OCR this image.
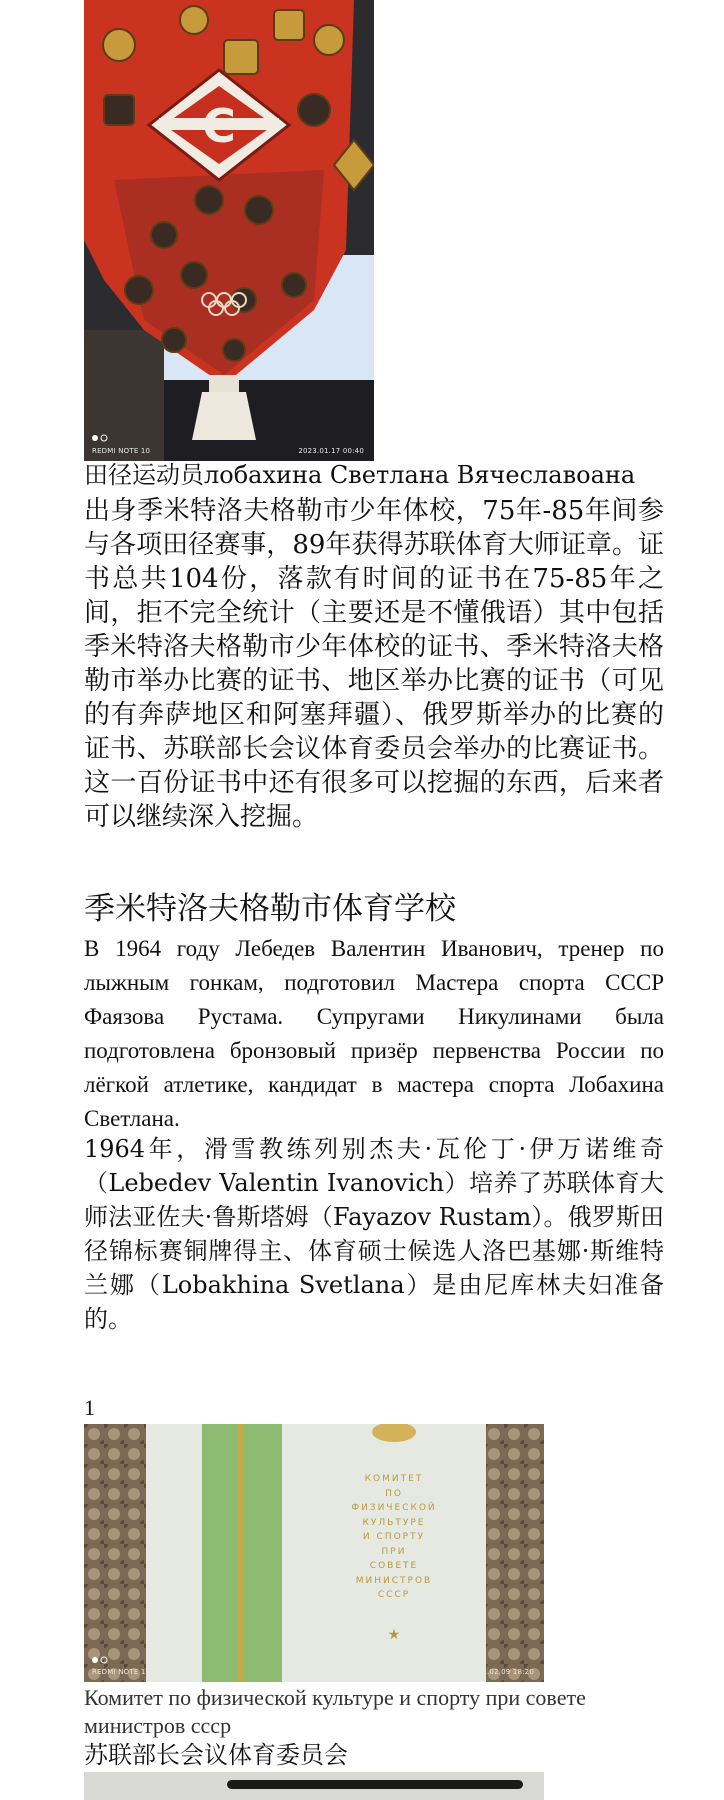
С
REDMI NOTE 10	2023.01.17 00:40
田径运动员лобахина Светлана Вячеславоана

出身季米特洛夫格勒市少年体校，75年-85年间参与各项田径赛事，89年获得苏联体育大师证章。证书总共104份，落款有时间的证书在75-85年之间，拒不完全统计（主要还是不懂俄语）其中包括季米特洛夫格勒市少年体校的证书、季米特洛夫格勒市举办比赛的证书、地区举办比赛的证书（可见的有奔萨地区和阿塞拜疆）、俄罗斯举办的比赛的证书、苏联部长会议体育委员会举办的比赛证书。这一百份证书中还有很多可以挖掘的东西，后来者可以继续深入挖掘。

季米特洛夫格勒市体育学校

В 1964 году Лебедев Валентин Иванович, тренер по лыжным гонкам, подготовил Мастера спорта СССР Фаязова Рустама. Супругами Никулинами была подготовлена бронзовый призёр первенства России по лёгкой атлетике, кандидат в мастера спорта Лобахина Светлана.

1964年，滑雪教练列别杰夫·瓦伦丁·伊万诺维奇（Lebedev Valentin Ivanovich）培养了苏联体育大师法亚佐夫·鲁斯塔姆（Fayazov Rustam）。俄罗斯田径锦标赛铜牌得主、体育硕士候选人洛巴基娜·斯维特兰娜（Lobakhina Svetlana）是由尼库林夫妇准备的。

1
★
КОМИТЕТ
ПО
ФИЗИЧЕСКОЙ
КУЛЬТУРЕ
И СПОРТУ
ПРИ
СОВЕТЕ
МИНИСТРОВ
СССР
REDMI NOTE 10	2023.02.09 18:20

Комитет по физической культуре и спорту при совете министров ссср

苏联部长会议体育委员会
